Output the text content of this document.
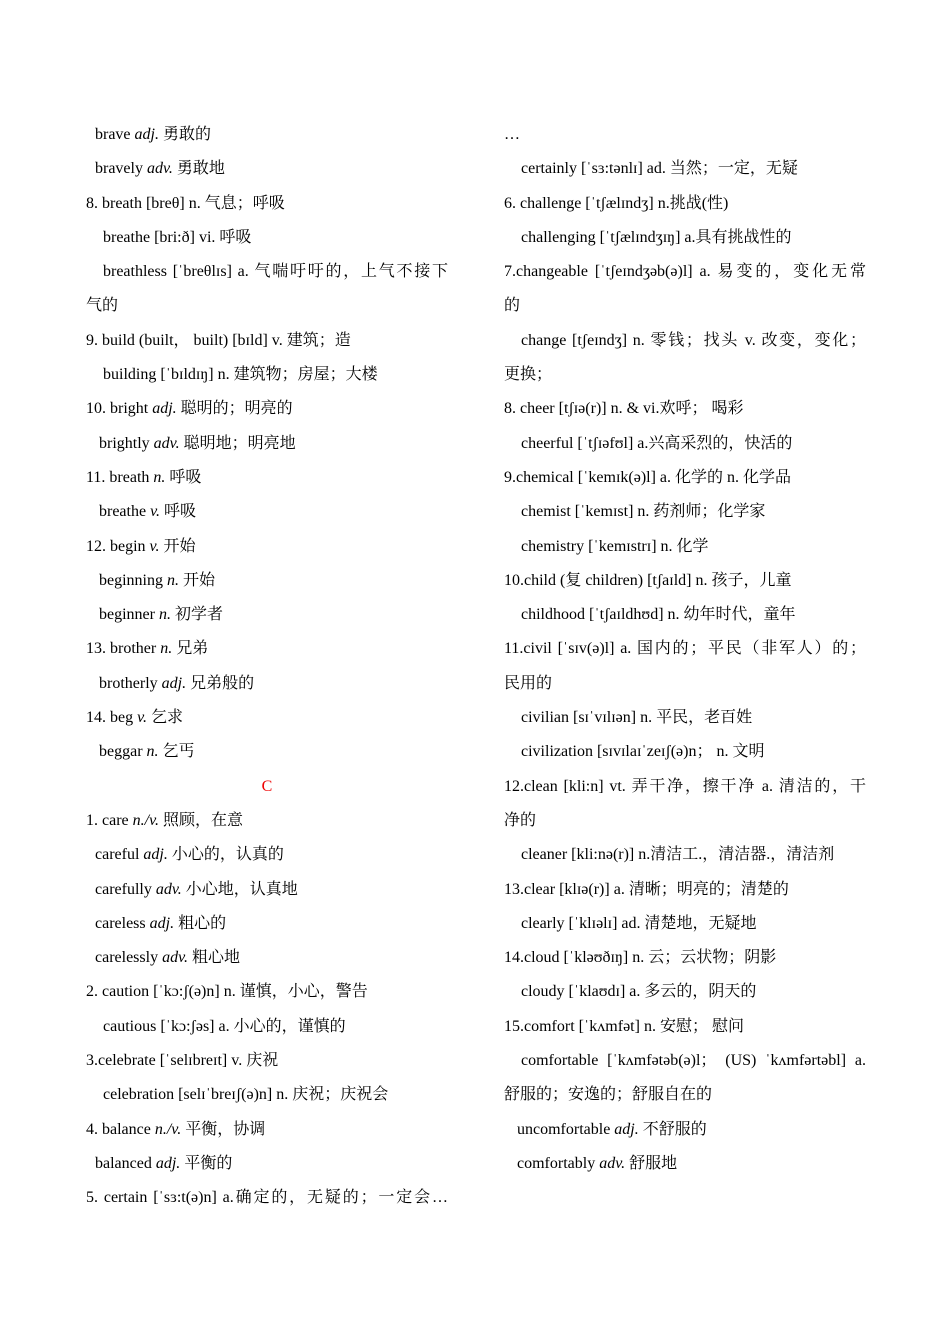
brave adj. 勇敢的
bravely adv. 勇敢地
8. breath [breθ] n. 气息；呼吸
breathe [bri:ð] vi. 呼吸
breathless [ˈbreθlɪs] a. 气喘吁吁的，上气不接下
气的
9. build (built， built) [bɪld] v. 建筑；造
building [ˈbɪldɪŋ] n. 建筑物；房屋；大楼
10. bright adj. 聪明的；明亮的
brightly adv. 聪明地；明亮地
11. breath n. 呼吸
breathe v. 呼吸
12. begin v. 开始
beginning n. 开始
beginner n. 初学者
13. brother n. 兄弟
brotherly adj. 兄弟般的
14. beg v. 乞求
beggar n. 乞丐
C
1. care n./v. 照顾，在意
careful adj. 小心的，认真的
carefully adv. 小心地，认真地
careless adj. 粗心的
carelessly adv. 粗心地
2. caution [ˈkɔ:ʃ(ə)n] n. 谨慎，小心，警告
cautious [ˈkɔ:ʃəs] a. 小心的，谨慎的
3.celebrate [ˈselɪbreɪt] v. 庆祝
celebration [selɪˈbreɪʃ(ə)n] n. 庆祝；庆祝会
4. balance n./v. 平衡，协调
balanced adj. 平衡的
5. certain [ˈsɜ:t(ə)n] a.确定的，无疑的；一定会…
…
certainly [ˈsɜ:tənlɪ] ad. 当然；一定，无疑
6. challenge [ˈtʃælɪndʒ] n.挑战(性)
challenging [ˈtʃælɪndʒɪŋ] a.具有挑战性的
7.changeable [ˈtʃeɪndʒəb(ə)l] a. 易变的，变化无常
的
change [tʃeɪndʒ] n. 零钱；找头 v. 改变，变化；
更换；
8. cheer [tʃɪə(r)] n. & vi.欢呼； 喝彩
cheerful [ˈtʃɪəfʊl] a.兴高采烈的，快活的
9.chemical [ˈkemɪk(ə)l] a. 化学的 n. 化学品
chemist [ˈkemɪst] n. 药剂师；化学家
chemistry [ˈkemɪstrɪ] n. 化学
10.child (复 children) [tʃaɪld] n. 孩子，儿童
childhood [ˈtʃaɪldhʊd] n. 幼年时代，童年
11.civil [ˈsɪv(ə)l] a. 国内的；平民（非军人）的；
民用的
civilian [sɪˈvɪlɪən] n. 平民，老百姓
civilization [sɪvɪlaɪˈzeɪʃ(ə)n； n. 文明
12.clean [kli:n] vt. 弄干净，擦干净 a. 清洁的，干
净的
cleaner [kli:nə(r)] n.清洁工.，清洁器.，清洁剂
13.clear [klɪə(r)] a. 清晰；明亮的；清楚的
clearly [ˈklɪəlɪ] ad. 清楚地，无疑地
14.cloud [ˈkləʊðɪŋ] n. 云；云状物；阴影
cloudy [ˈklaʊdɪ] a. 多云的，阴天的
15.comfort [ˈkʌmfət] n. 安慰； 慰问
comfortable [ˈkʌmfətəb(ə)l； (US) ˈkʌmfərtəbl] a.
舒服的；安逸的；舒服自在的
uncomfortable adj. 不舒服的
comfortably adv. 舒服地
